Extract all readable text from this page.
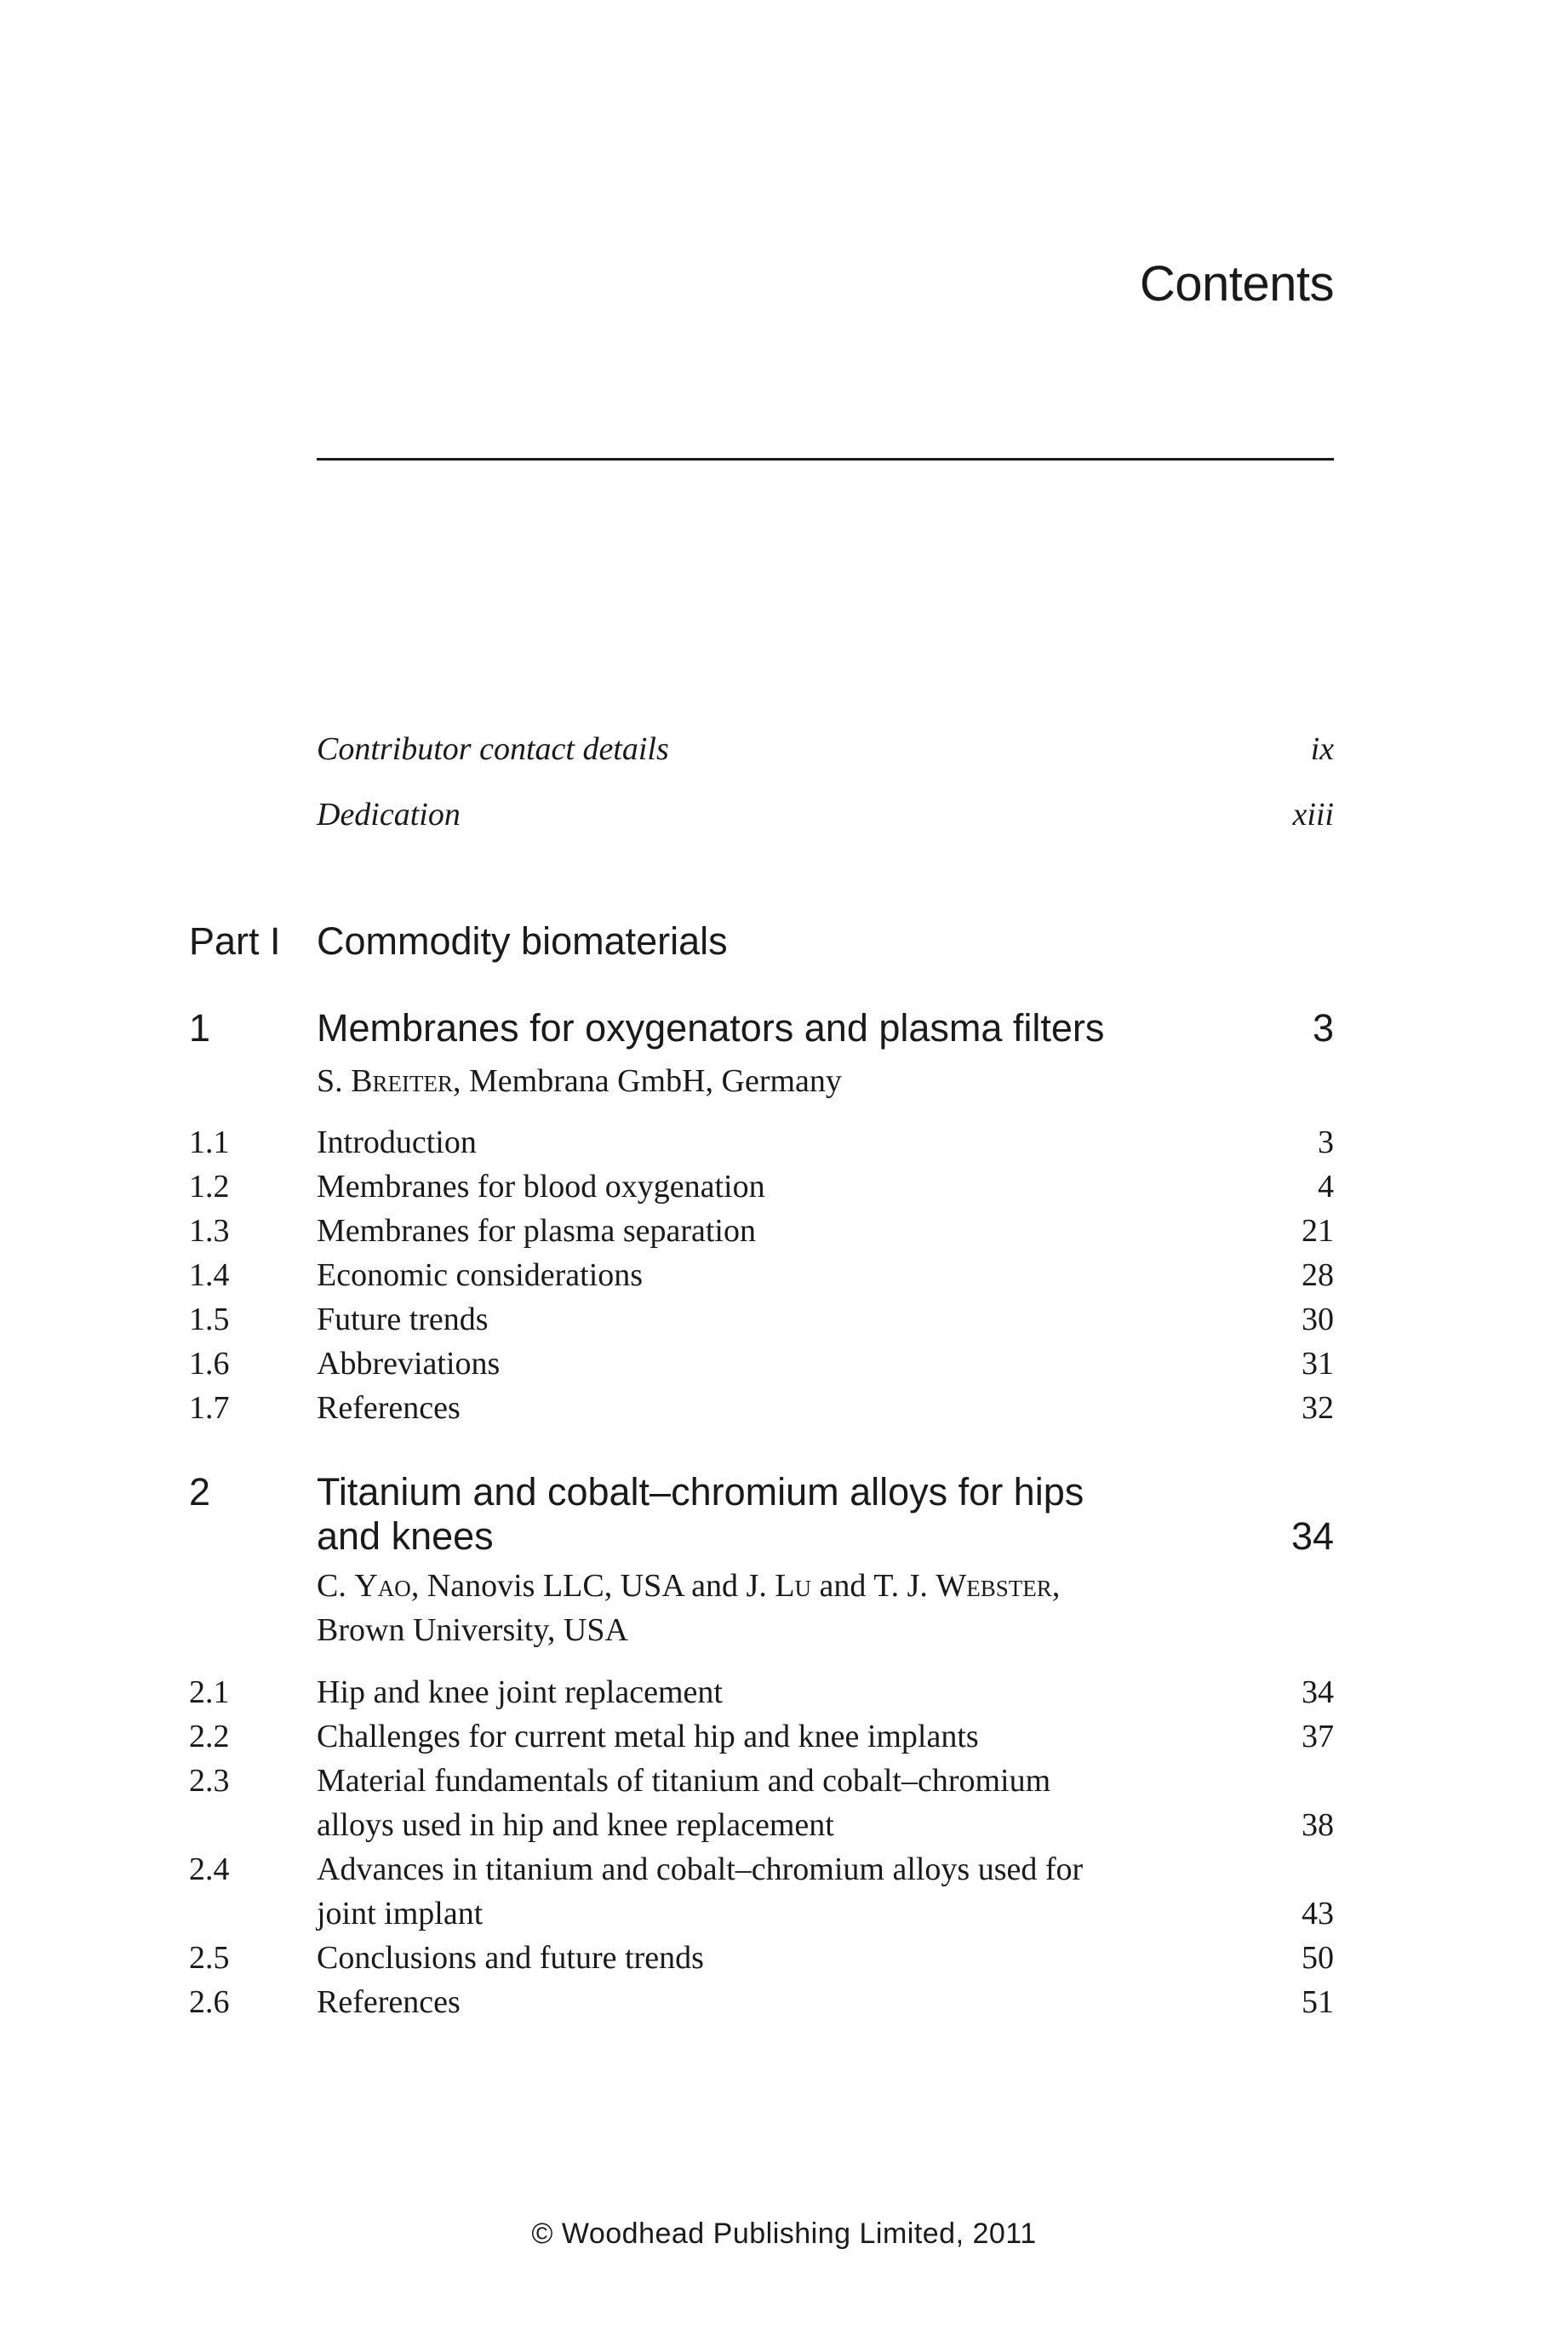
Contents
Contributor contact details	ix
Dedication	xiii
Part I Commodity biomaterials
1	Membranes for oxygenators and plasma filters	3
S. Breiter, Membrana GmbH, Germany
1.1	Introduction	3
1.2	Membranes for blood oxygenation	4
1.3	Membranes for plasma separation	21
1.4	Economic considerations	28
1.5	Future trends	30
1.6	Abbreviations	31
1.7	References	32
2	Titanium and cobalt–chromium alloys for hips
and knees	34
C. Yao, Nanovis LLC, USA and J. Lu and T. J. Webster,
Brown University, USA
2.1	Hip and knee joint replacement	34
2.2	Challenges for current metal hip and knee implants	37
2.3	Material fundamentals of titanium and cobalt–chromium
alloys used in hip and knee replacement	38
2.4	Advances in titanium and cobalt–chromium alloys used for
joint implant	43
2.5	Conclusions and future trends	50
2.6	References	51
© Woodhead Publishing Limited, 2011
